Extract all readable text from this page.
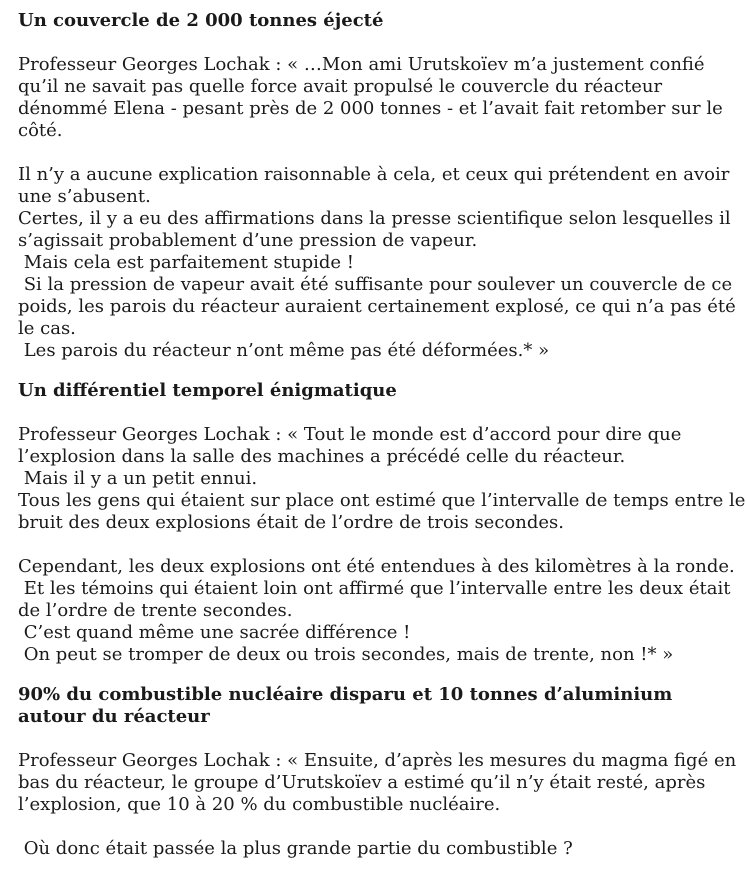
Un couvercle de 2 000 tonnes éjecté

Professeur Georges Lochak : « …Mon ami Urutskoïev m’a justement confié
qu’il ne savait pas quelle force avait propulsé le couvercle du réacteur
dénommé Elena - pesant près de 2 000 tonnes - et l’avait fait retomber sur le
côté.

Il n’y a aucune explication raisonnable à cela, et ceux qui prétendent en avoir
une s’abusent.
Certes, il y a eu des affirmations dans la presse scientifique selon lesquelles il
s’agissait probablement d’une pression de vapeur.
Mais cela est parfaitement stupide !
Si la pression de vapeur avait été suffisante pour soulever un couvercle de ce
poids, les parois du réacteur auraient certainement explosé, ce qui n’a pas été
le cas.
Les parois du réacteur n’ont même pas été déformées.* »

Un différentiel temporel énigmatique

Professeur Georges Lochak : « Tout le monde est d’accord pour dire que
l’explosion dans la salle des machines a précédé celle du réacteur.
Mais il y a un petit ennui.
Tous les gens qui étaient sur place ont estimé que l’intervalle de temps entre le
bruit des deux explosions était de l’ordre de trois secondes.

Cependant, les deux explosions ont été entendues à des kilomètres à la ronde.
Et les témoins qui étaient loin ont affirmé que l’intervalle entre les deux était
de l’ordre de trente secondes.
C’est quand même une sacrée différence !
On peut se tromper de deux ou trois secondes, mais de trente, non !* »

90% du combustible nucléaire disparu et 10 tonnes d’aluminium
autour du réacteur

Professeur Georges Lochak : « Ensuite, d’après les mesures du magma figé en
bas du réacteur, le groupe d’Urutskoïev a estimé qu’il n’y était resté, après
l’explosion, que 10 à 20 % du combustible nucléaire.

Où donc était passée la plus grande partie du combustible ?
